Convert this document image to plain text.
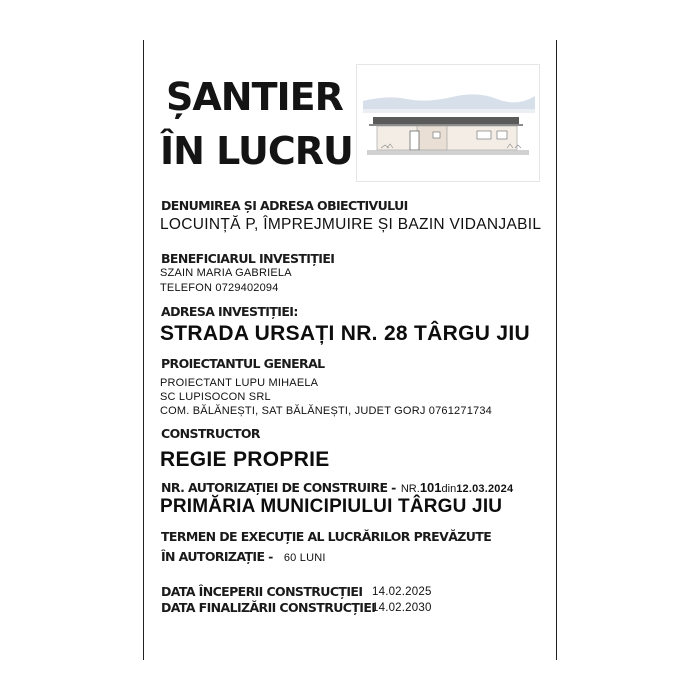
ȘANTIER
ÎN LUCRU
DENUMIREA ȘI ADRESA OBIECTIVULUI
LOCUINȚĂ P, ÎMPREJMUIRE ȘI BAZIN VIDANJABIL
BENEFICIARUL INVESTIȚIEI
SZAIN MARIA GABRIELA
TELEFON 0729402094
ADRESA INVESTIȚIEI:
STRADA URSAȚI NR. 28 TÂRGU JIU
PROIECTANTUL GENERAL
PROIECTANT LUPU MIHAELA
SC LUPISOCON SRL
COM. BĂLĂNEȘTI, SAT BĂLĂNEȘTI, JUDET GORJ 0761271734
CONSTRUCTOR
REGIE PROPRIE
NR. AUTORIZAȚIEI DE CONSTRUIRE - NR.101din12.03.2024
PRIMĂRIA MUNICIPIULUI TÂRGU JIU
TERMEN DE EXECUȚIE AL LUCRĂRILOR PREVĂZUTE
ÎN AUTORIZAȚIE - 60 LUNI
DATA ÎNCEPERII CONSTRUCȚIEI 14.02.2025
DATA FINALIZĂRII CONSTRUCȚIEI
14.02.2030
